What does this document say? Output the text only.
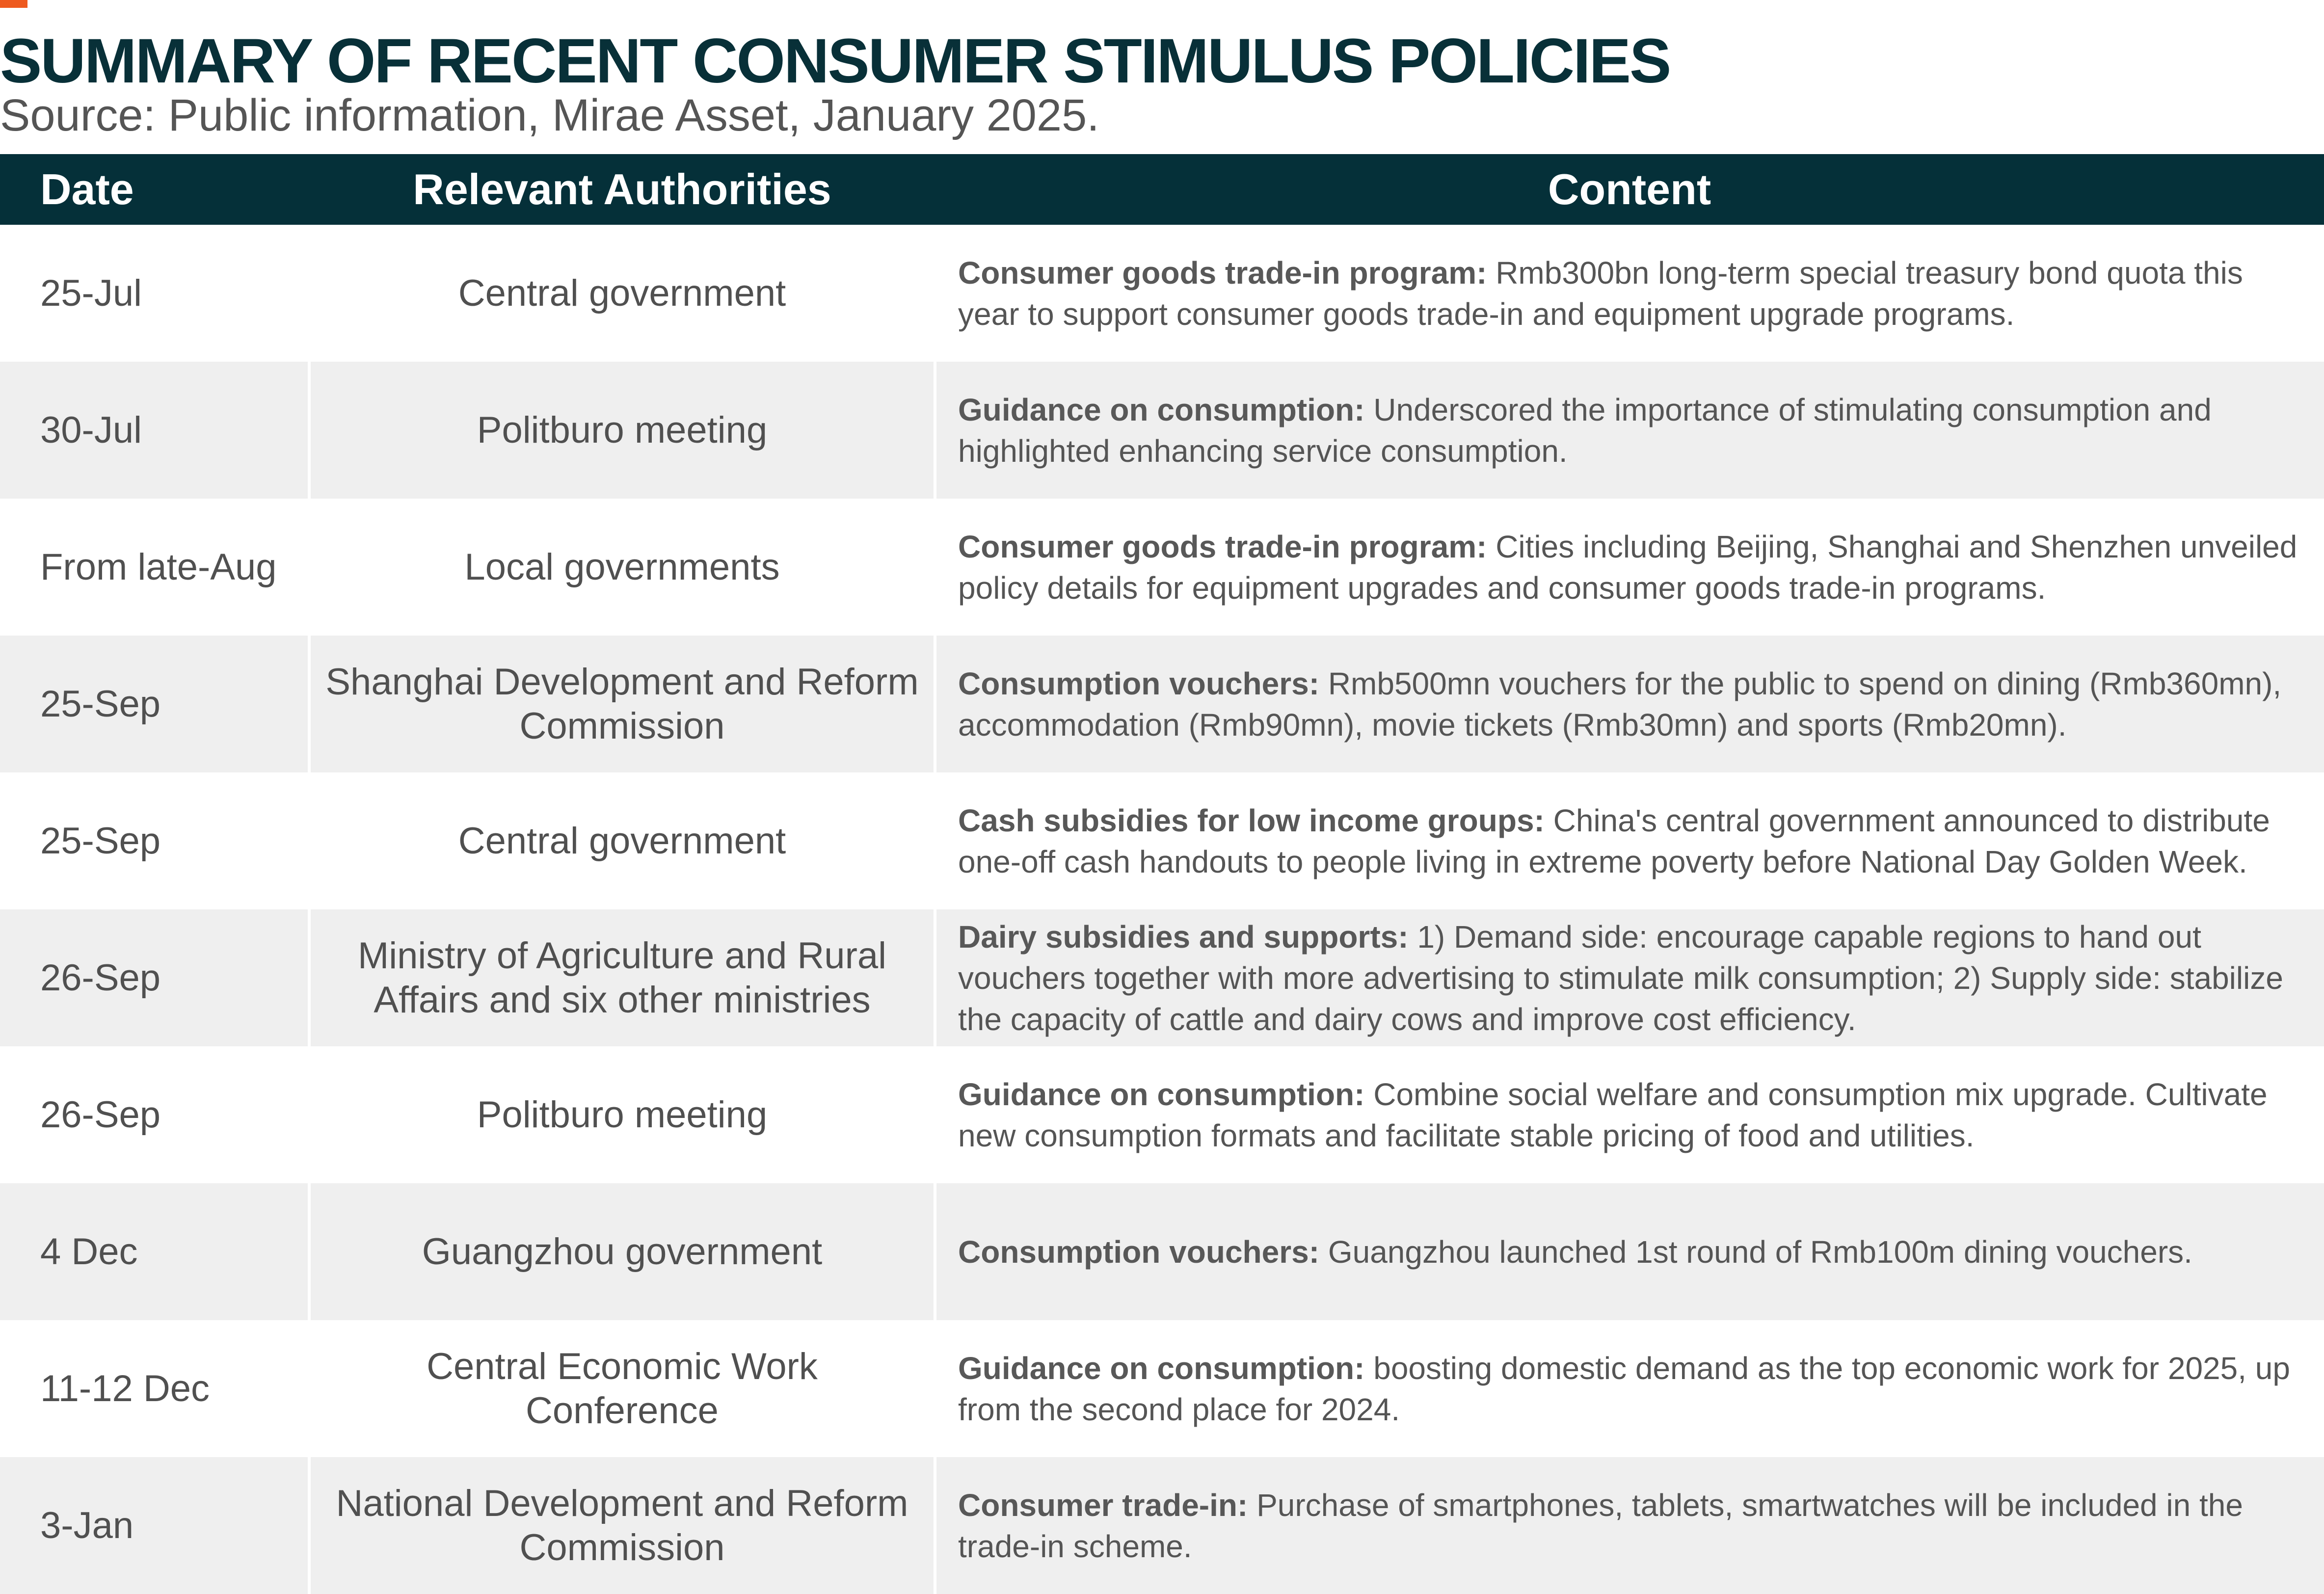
SUMMARY OF RECENT CONSUMER STIMULUS POLICIES

Source: Public information, Mirae Asset, January 2025.

Date	Relevant Authorities	Content
25-Jul	Central government	Consumer goods trade-in program: Rmb300bn long-term special treasury bond quota this year to support consumer goods trade-in and equipment upgrade programs.
30-Jul	Politburo meeting	Guidance on consumption: Underscored the importance of stimulating consumption and highlighted enhancing service consumption.
From late-Aug	Local governments	Consumer goods trade-in program: Cities including Beijing, Shanghai and Shenzhen unveiled policy details for equipment upgrades and consumer goods trade-in programs.
25-Sep	Shanghai Development and Reform Commission	Consumption vouchers: Rmb500mn vouchers for the public to spend on dining (Rmb360mn), accommodation (Rmb90mn), movie tickets (Rmb30mn) and sports (Rmb20mn).
25-Sep	Central government	Cash subsidies for low income groups: China's central government announced to distribute one-off cash handouts to people living in extreme poverty before National Day Golden Week.
26-Sep	Ministry of Agriculture and Rural Affairs and six other ministries	Dairy subsidies and supports: 1) Demand side: encourage capable regions to hand out vouchers together with more advertising to stimulate milk consumption; 2) Supply side: stabilize the capacity of cattle and dairy cows and improve cost efficiency.
26-Sep	Politburo meeting	Guidance on consumption: Combine social welfare and consumption mix upgrade. Cultivate new consumption formats and facilitate stable pricing of food and utilities.
4 Dec	Guangzhou government	Consumption vouchers: Guangzhou launched 1st round of Rmb100m dining vouchers.
11-12 Dec	Central Economic Work Conference	Guidance on consumption: boosting domestic demand as the top economic work for 2025, up from the second place for 2024.
3-Jan	National Development and Reform Commission	Consumer trade-in: Purchase of smartphones, tablets, smartwatches will be included in the trade-in scheme.
